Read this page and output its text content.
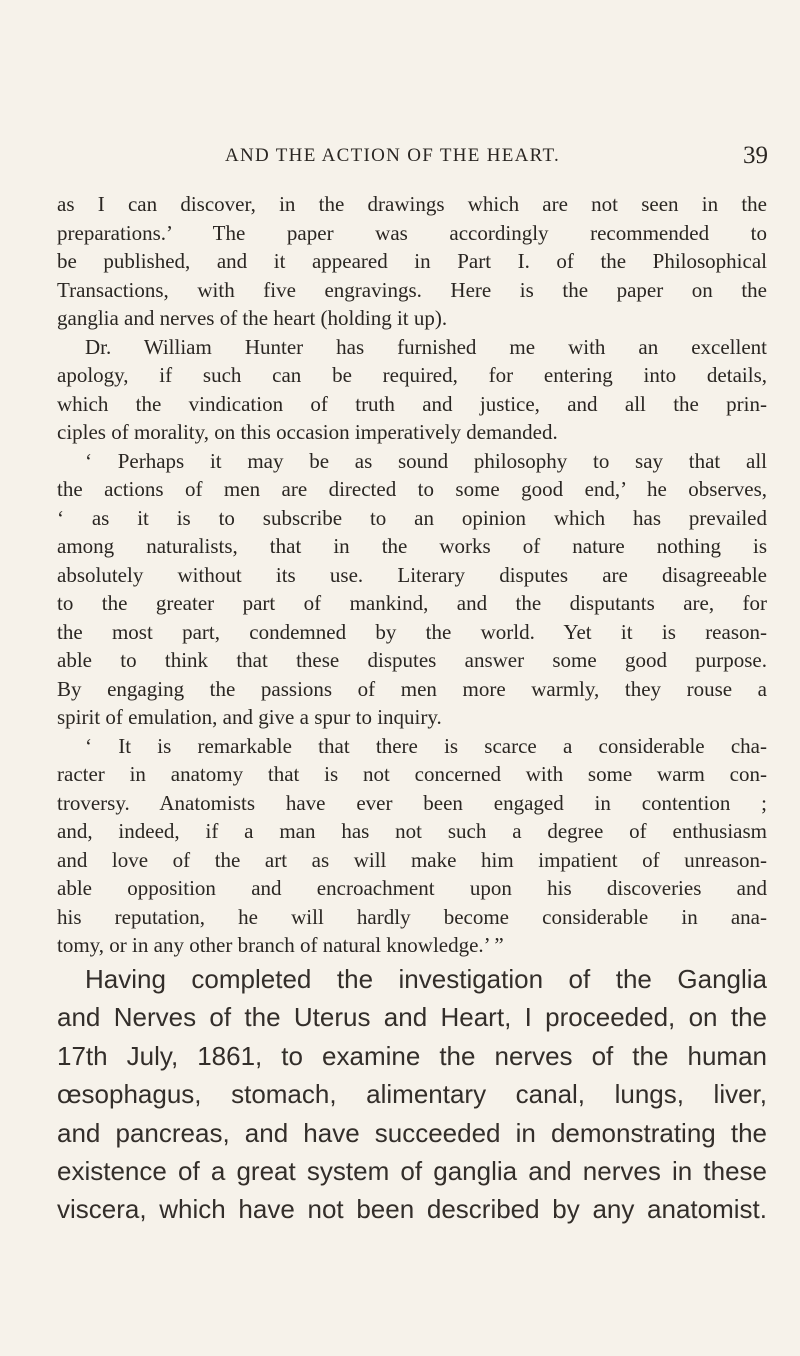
AND THE ACTION OF THE HEART.	39
as I can discover, in the drawings which are not seen in the
preparations.’ The paper was accordingly recommended to
be published, and it appeared in Part I. of the Philosophical
Transactions, with five engravings. Here is the paper on the
ganglia and nerves of the heart (holding it up).
Dr. William Hunter has furnished me with an excellent
apology, if such can be required, for entering into details,
which the vindication of truth and justice, and all the prin-
ciples of morality, on this occasion imperatively demanded.
‘ Perhaps it may be as sound philosophy to say that all
the actions of men are directed to some good end,’ he observes,
‘ as it is to subscribe to an opinion which has prevailed
among naturalists, that in the works of nature nothing is
absolutely without its use. Literary disputes are disagreeable
to the greater part of mankind, and the disputants are, for
the most part, condemned by the world. Yet it is reason-
able to think that these disputes answer some good purpose.
By engaging the passions of men more warmly, they rouse a
spirit of emulation, and give a spur to inquiry.
‘ It is remarkable that there is scarce a considerable cha-
racter in anatomy that is not concerned with some warm con-
troversy. Anatomists have ever been engaged in contention ;
and, indeed, if a man has not such a degree of enthusiasm
and love of the art as will make him impatient of unreason-
able opposition and encroachment upon his discoveries and
his reputation, he will hardly become considerable in ana-
tomy, or in any other branch of natural knowledge.’ ”
Having completed the investigation of the Ganglia
and Nerves of the Uterus and Heart, I proceeded, on the
17th July, 1861, to examine the nerves of the human
œsophagus, stomach, alimentary canal, lungs, liver,
and pancreas, and have succeeded in demonstrating the
existence of a great system of ganglia and nerves in these
viscera, which have not been described by any anatomist.
